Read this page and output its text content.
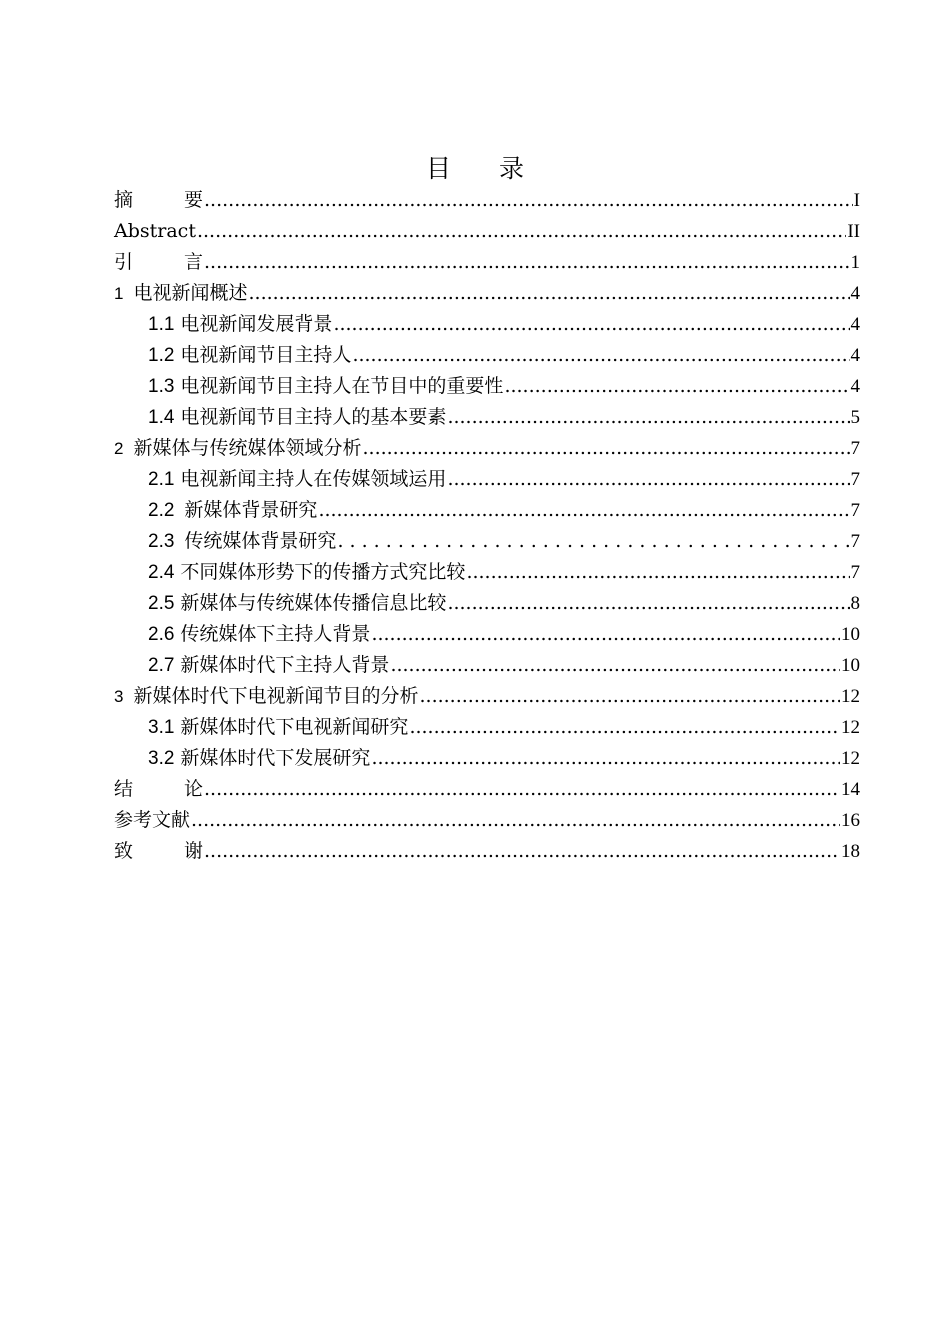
目 录
摘	要 .....	I
Abstract .....	II
引	言 .....	1
1 电视新闻概述 .....	4
1.1 电视新闻发展背景 .....	4
1.2 电视新闻节目主持人 .....	4
1.3 电视新闻节目主持人在节目中的重要性 .....	4
1.4 电视新闻节目主持人的基本要素 .....	5
2 新媒体与传统媒体领域分析 .....	7
2.1 电视新闻主持人在传媒领域运用 .....	7
2.2 新媒体背景研究 .....	7
2.3 传统媒体背景研究 . . .	7
2.4 不同媒体形势下的传播方式究比较 .....	7
2.5 新媒体与传统媒体传播信息比较 .....	8
2.6 传统媒体下主持人背景 .....	10
2.7 新媒体时代下主持人背景 .....	10
3 新媒体时代下电视新闻节目的分析 .....	12
3.1 新媒体时代下电视新闻研究 .....	12
3.2 新媒体时代下发展研究 .....	12
结	论 .....	14
参考文献 .....	16
致	谢 .....	18
